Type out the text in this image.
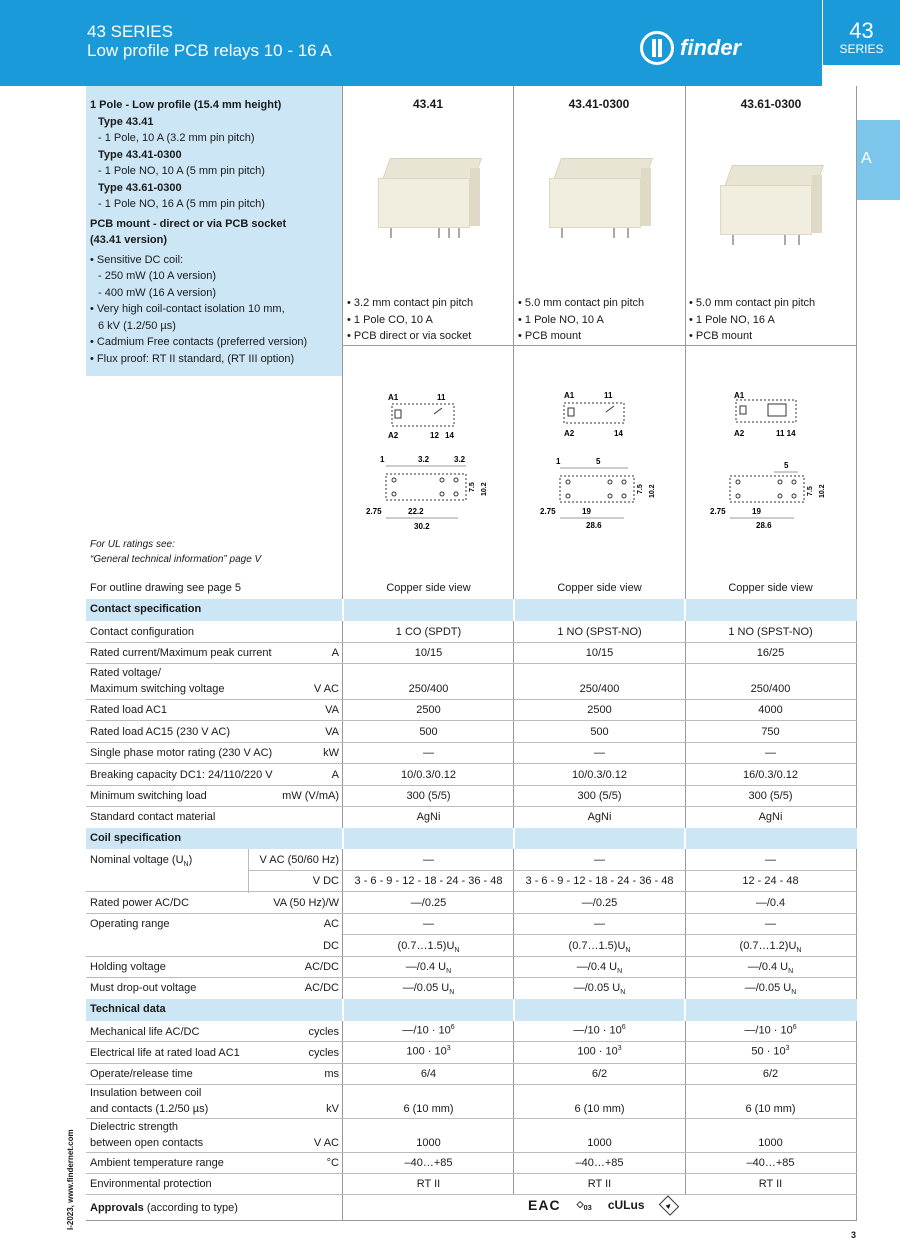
43 SERIES
Low profile PCB relays 10 - 16 A	finder
43
SERIES
A
1 Pole - Low profile (15.4 mm height)
Type 43.41
- 1 Pole, 10 A (3.2 mm pin pitch)
Type 43.41-0300
- 1 Pole NO, 10 A (5 mm pin pitch)
Type 43.61-0300
- 1 Pole NO, 16 A (5 mm pin pitch)
PCB mount - direct or via PCB socket
(43.41 version)
• Sensitive DC coil:
- 250 mW (10 A version)
- 400 mW (16 A version)
• Very high coil-contact isolation 10 mm,
6 kV (1.2/50 µs)
• Cadmium Free contacts (preferred version)
• Flux proof: RT II standard, (RT III option)
43.41	43.41-0300	43.61-0300
• 3.2 mm contact pin pitch
• 1 Pole CO, 10 A
• PCB direct or via socket
• 5.0 mm contact pin pitch
• 1 Pole NO, 10 A
• PCB mount
• 5.0 mm contact pin pitch
• 1 Pole NO, 16 A
• PCB mount
A1	11
A2	12 14
A1	11
A2	14
A1
A2	11 14
1	3.2	3.2
7.5 10.2
2.75	22.2
30.2
1	5
7.5 10.2
2.75	19
28.6
5
7.5 10.2
2.75	19
28.6
For UL ratings see:
“General technical information” page V
For outline drawing see page 5	Copper side view	Copper side view	Copper side view
Contact specification
Contact configuration	1 CO (SPDT)	1 NO (SPST-NO)	1 NO (SPST-NO)
Rated current/Maximum peak current	A	10/15	10/15	16/25
Rated voltage/
Maximum switching voltage	V AC	250/400	250/400	250/400
Rated load AC1	VA	2500	2500	4000
Rated load AC15 (230 V AC)	VA	500	500	750
Single phase motor rating (230 V AC)	kW	—	—	—
Breaking capacity DC1: 24/110/220 V	A	10/0.3/0.12	10/0.3/0.12	16/0.3/0.12
Minimum switching load	mW (V/mA)	300 (5/5)	300 (5/5)	300 (5/5)
Standard contact material	AgNi	AgNi	AgNi
Coil specification
Nominal voltage $(U_N)$	V AC (50/60 Hz)	—	—	—
V DC	3 - 6 - 9 - 12 - 18 - 24 - 36 - 48	3 - 6 - 9 - 12 - 18 - 24 - 36 - 48	12 - 24 - 48
Rated power AC/DC	VA (50 Hz)/W	—/0.25	—/0.25	—/0.4
Operating range	AC	—	—	—
DC	$(0.7\dots 1.5)U_N$	$(0.7\dots 1.5)U_N$	$(0.7\dots 1.2)U_N$
Holding voltage	AC/DC	—/0.4 $U_N$	—/0.4 $U_N$	—/0.4 $U_N$
Must drop-out voltage	AC/DC	—/0.05 $U_N$	—/0.05 $U_N$	—/0.05 $U_N$
Technical data
Mechanical life AC/DC	cycles	—/10 · $10^6$	—/10 · $10^6$	—/10 · $10^6$
Electrical life at rated load AC1	cycles	$100 \cdot 10^3$	$100 \cdot 10^3$	$50 \cdot 10^3$
Operate/release time	ms	6/4	6/2	6/2
Insulation between coil
and contacts (1.2/50 µs)	kV	6 (10 mm)	6 (10 mm)	6 (10 mm)
Dielectric strength
between open contacts	V AC	1000	1000	1000
Ambient temperature range	°C	–40…+85	–40…+85	–40…+85
Environmental protection	RT II	RT II	RT II
Approvals (according to type)	EAC $◇_{03}$ cULus	▲
I-2023, www.findernet.com
3
